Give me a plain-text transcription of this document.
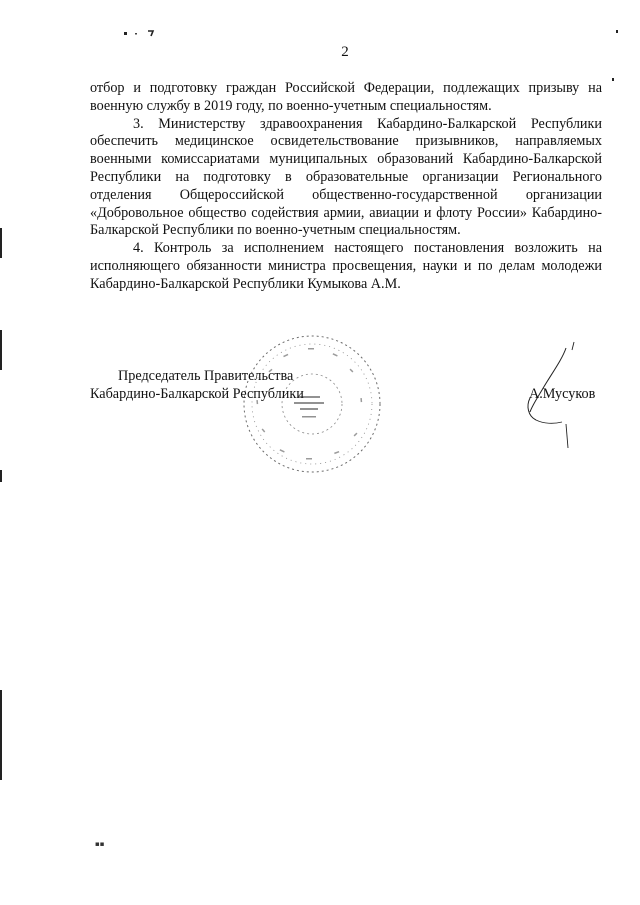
2

отбор и подготовку граждан Российской Федерации, подлежащих призыву на военную службу в 2019 году, по военно-учетным специальностям.

3. Министерству здравоохранения Кабардино-Балкарской Республики обеспечить медицинское освидетельствование призывников, направляемых военными комиссариатами муниципальных образований Кабардино-Балкарской Республики на подготовку в образовательные организации Регионального отделения Общероссийской общественно-государственной организации «Добровольное общество содействия армии, авиации и флоту России» Кабардино-Балкарской Республики по военно-учетным специальностям.

4. Контроль за исполнением настоящего постановления возложить на исполняющего обязанности министра просвещения, науки и по делам молодежи Кабардино-Балкарской Республики Кумыкова А.М.

Председатель Правительства
Кабардино-Балкарской Республики	А.Мусуков
▪▪
